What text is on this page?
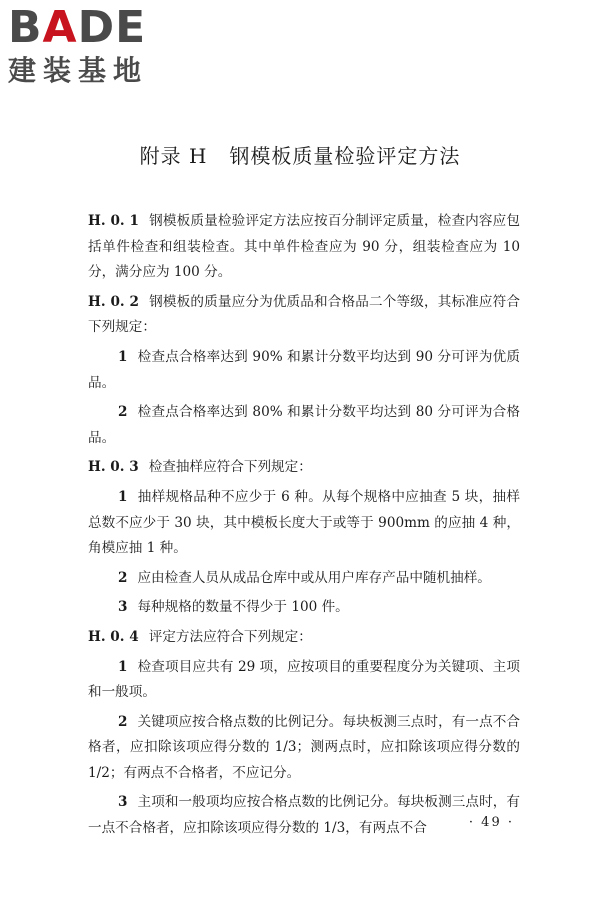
BADE
建装基地
附录 H 钢模板质量检验评定方法

H. 0. 1 钢模板质量检验评定方法应按百分制评定质量，检查内容应包括单件检查和组装检查。其中单件检查应为 90 分，组装检查应为 10 分，满分应为 100 分。

H. 0. 2 钢模板的质量应分为优质品和合格品二个等级，其标准应符合下列规定：

1 检查点合格率达到 90% 和累计分数平均达到 90 分可评为优质品。

2 检查点合格率达到 80% 和累计分数平均达到 80 分可评为合格品。

H. 0. 3 检查抽样应符合下列规定：

1 抽样规格品种不应少于 6 种。从每个规格中应抽查 5 块，抽样总数不应少于 30 块，其中模板长度大于或等于 900mm 的应抽 4 种，角模应抽 1 种。

2 应由检查人员从成品仓库中或从用户库存产品中随机抽样。

3 每种规格的数量不得少于 100 件。

H. 0. 4 评定方法应符合下列规定：

1 检查项目应共有 29 项，应按项目的重要程度分为关键项、主项和一般项。

2 关键项应按合格点数的比例记分。每块板测三点时，有一点不合格者，应扣除该项应得分数的 1/3；测两点时，应扣除该项应得分数的 1/2；有两点不合格者，不应记分。

3 主项和一般项均应按合格点数的比例记分。每块板测三点时，有一点不合格者，应扣除该项应得分数的 1/3，有两点不合	· 49 ·
